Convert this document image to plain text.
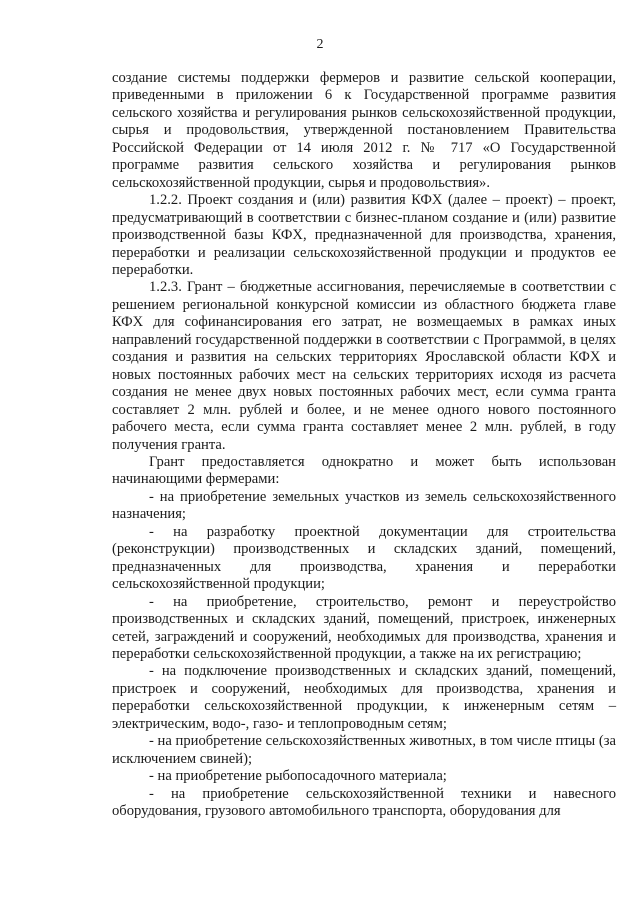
2

создание системы поддержки фермеров и развитие сельской кооперации, приведенными в приложении 6 к Государственной программе развития сельского хозяйства и регулирования рынков сельскохозяйственной продукции, сырья и продовольствия, утвержденной постановлением Правительства Российской Федерации от 14 июля 2012 г. № 717 «О Государственной программе развития сельского хозяйства и регулирования рынков сельскохозяйственной продукции, сырья и продовольствия».

1.2.2. Проект создания и (или) развития КФХ (далее – проект) – проект, предусматривающий в соответствии с бизнес-планом создание и (или) развитие производственной базы КФХ, предназначенной для производства, хранения, переработки и реализации сельскохозяйственной продукции и продуктов ее переработки.

1.2.3. Грант – бюджетные ассигнования, перечисляемые в соответствии с решением региональной конкурсной комиссии из областного бюджета главе КФХ для софинансирования его затрат, не возмещаемых в рамках иных направлений государственной поддержки в соответствии с Программой, в целях создания и развития на сельских территориях Ярославской области КФХ и новых постоянных рабочих мест на сельских территориях исходя из расчета создания не менее двух новых постоянных рабочих мест, если сумма гранта составляет 2 млн. рублей и более, и не менее одного нового постоянного рабочего места, если сумма гранта составляет менее 2 млн. рублей, в году получения гранта.

Грант предоставляется однократно и может быть использован начинающими фермерами:

- на приобретение земельных участков из земель сельскохозяйственного назначения;

- на разработку проектной документации для строительства (реконструкции) производственных и складских зданий, помещений, предназначенных для производства, хранения и переработки сельскохозяйственной продукции;

- на приобретение, строительство, ремонт и переустройство производственных и складских зданий, помещений, пристроек, инженерных сетей, заграждений и сооружений, необходимых для производства, хранения и переработки сельскохозяйственной продукции, а также на их регистрацию;

- на подключение производственных и складских зданий, помещений, пристроек и сооружений, необходимых для производства, хранения и переработки сельскохозяйственной продукции, к инженерным сетям – электрическим, водо-, газо- и теплопроводным сетям;

- на приобретение сельскохозяйственных животных, в том числе птицы (за исключением свиней);

- на приобретение рыбопосадочного материала;

- на приобретение сельскохозяйственной техники и навесного оборудования, грузового автомобильного транспорта, оборудования для
